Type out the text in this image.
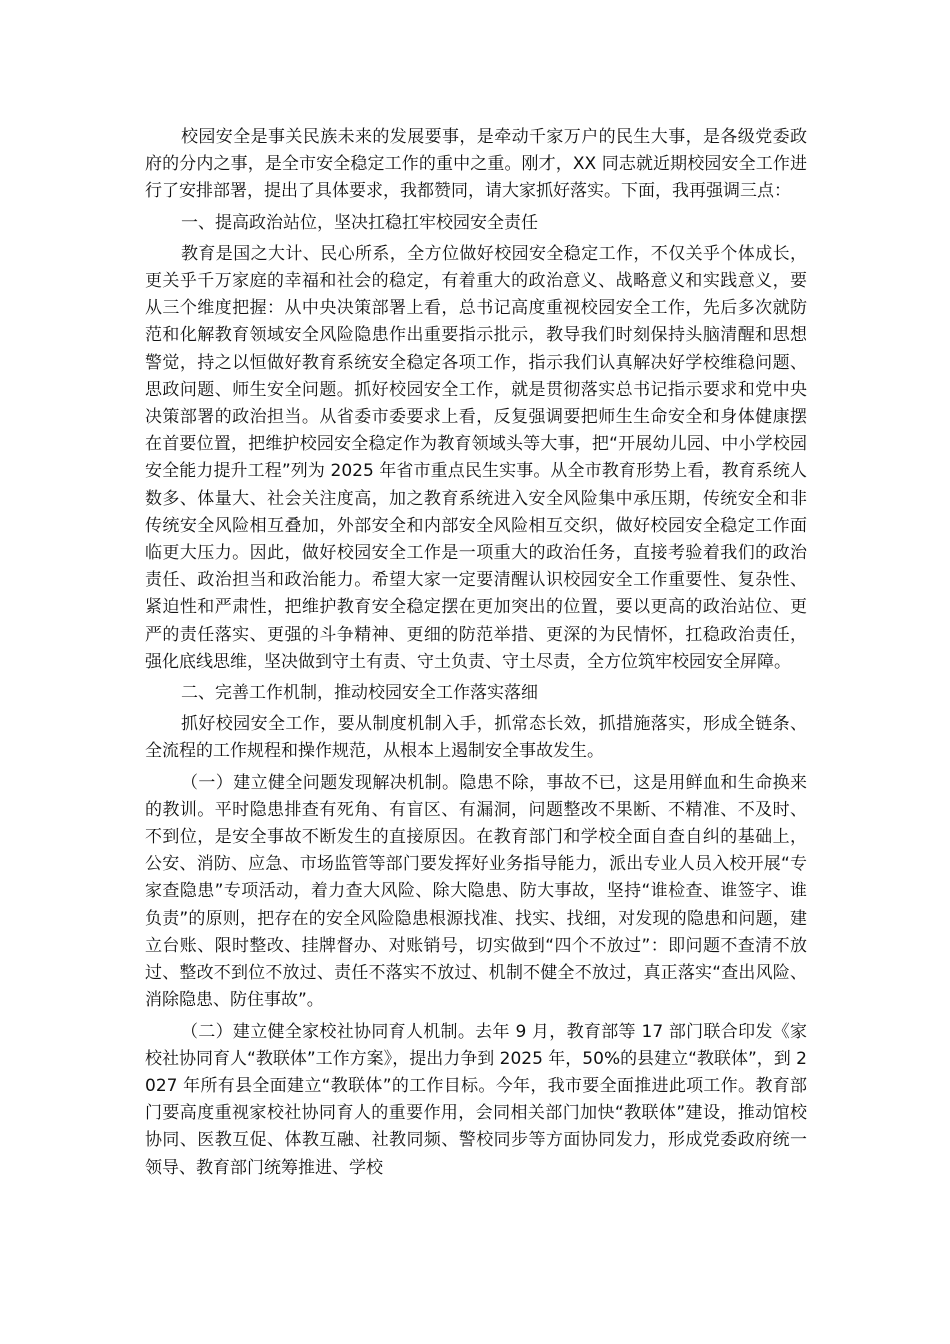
校园安全是事关民族未来的发展要事，是牵动千家万户的民生大事，是各级党委政府的分内之事，是全市安全稳定工作的重中之重。刚才，XX 同志就近期校园安全工作进行了安排部署，提出了具体要求，我都赞同，请大家抓好落实。下面，我再强调三点：

一、提高政治站位，坚决扛稳扛牢校园安全责任

教育是国之大计、民心所系，全方位做好校园安全稳定工作，不仅关乎个体成长，更关乎千万家庭的幸福和社会的稳定，有着重大的政治意义、战略意义和实践意义，要从三个维度把握：从中央决策部署上看，总书记高度重视校园安全工作，先后多次就防范和化解教育领域安全风险隐患作出重要指示批示，教导我们时刻保持头脑清醒和思想警觉，持之以恒做好教育系统安全稳定各项工作，指示我们认真解决好学校维稳问题、思政问题、师生安全问题。抓好校园安全工作，就是贯彻落实总书记指示要求和党中央决策部署的政治担当。从省委市委要求上看，反复强调要把师生生命安全和身体健康摆在首要位置，把维护校园安全稳定作为教育领域头等大事，把“开展幼儿园、中小学校园安全能力提升工程”列为 2025 年省市重点民生实事。从全市教育形势上看，教育系统人数多、体量大、社会关注度高，加之教育系统进入安全风险集中承压期，传统安全和非传统安全风险相互叠加，外部安全和内部安全风险相互交织，做好校园安全稳定工作面临更大压力。因此，做好校园安全工作是一项重大的政治任务，直接考验着我们的政治责任、政治担当和政治能力。希望大家一定要清醒认识校园安全工作重要性、复杂性、紧迫性和严肃性，把维护教育安全稳定摆在更加突出的位置，要以更高的政治站位、更严的责任落实、更强的斗争精神、更细的防范举措、更深的为民情怀，扛稳政治责任，强化底线思维，坚决做到守土有责、守土负责、守土尽责，全方位筑牢校园安全屏障。

二、完善工作机制，推动校园安全工作落实落细

抓好校园安全工作，要从制度机制入手，抓常态长效，抓措施落实，形成全链条、全流程的工作规程和操作规范，从根本上遏制安全事故发生。

（一）建立健全问题发现解决机制。隐患不除，事故不已，这是用鲜血和生命换来的教训。平时隐患排查有死角、有盲区、有漏洞，问题整改不果断、不精准、不及时、不到位，是安全事故不断发生的直接原因。在教育部门和学校全面自查自纠的基础上，公安、消防、应急、市场监管等部门要发挥好业务指导能力，派出专业人员入校开展“专家查隐患”专项活动，着力查大风险、除大隐患、防大事故，坚持“谁检查、谁签字、谁负责”的原则，把存在的安全风险隐患根源找准、找实、找细，对发现的隐患和问题，建立台账、限时整改、挂牌督办、对账销号，切实做到“四个不放过”：即问题不查清不放过、整改不到位不放过、责任不落实不放过、机制不健全不放过，真正落实“查出风险、消除隐患、防住事故”。

（二）建立健全家校社协同育人机制。去年 9 月，教育部等 17 部门联合印发《家校社协同育人“教联体”工作方案》，提出力争到 2025 年，50%的县建立“教联体”，到 2027 年所有县全面建立“教联体”的工作目标。今年，我市要全面推进此项工作。教育部门要高度重视家校社协同育人的重要作用，会同相关部门加快“教联体”建设，推动馆校协同、医教互促、体教互融、社教同频、警校同步等方面协同发力，形成党委政府统一领导、教育部门统筹推进、学校
